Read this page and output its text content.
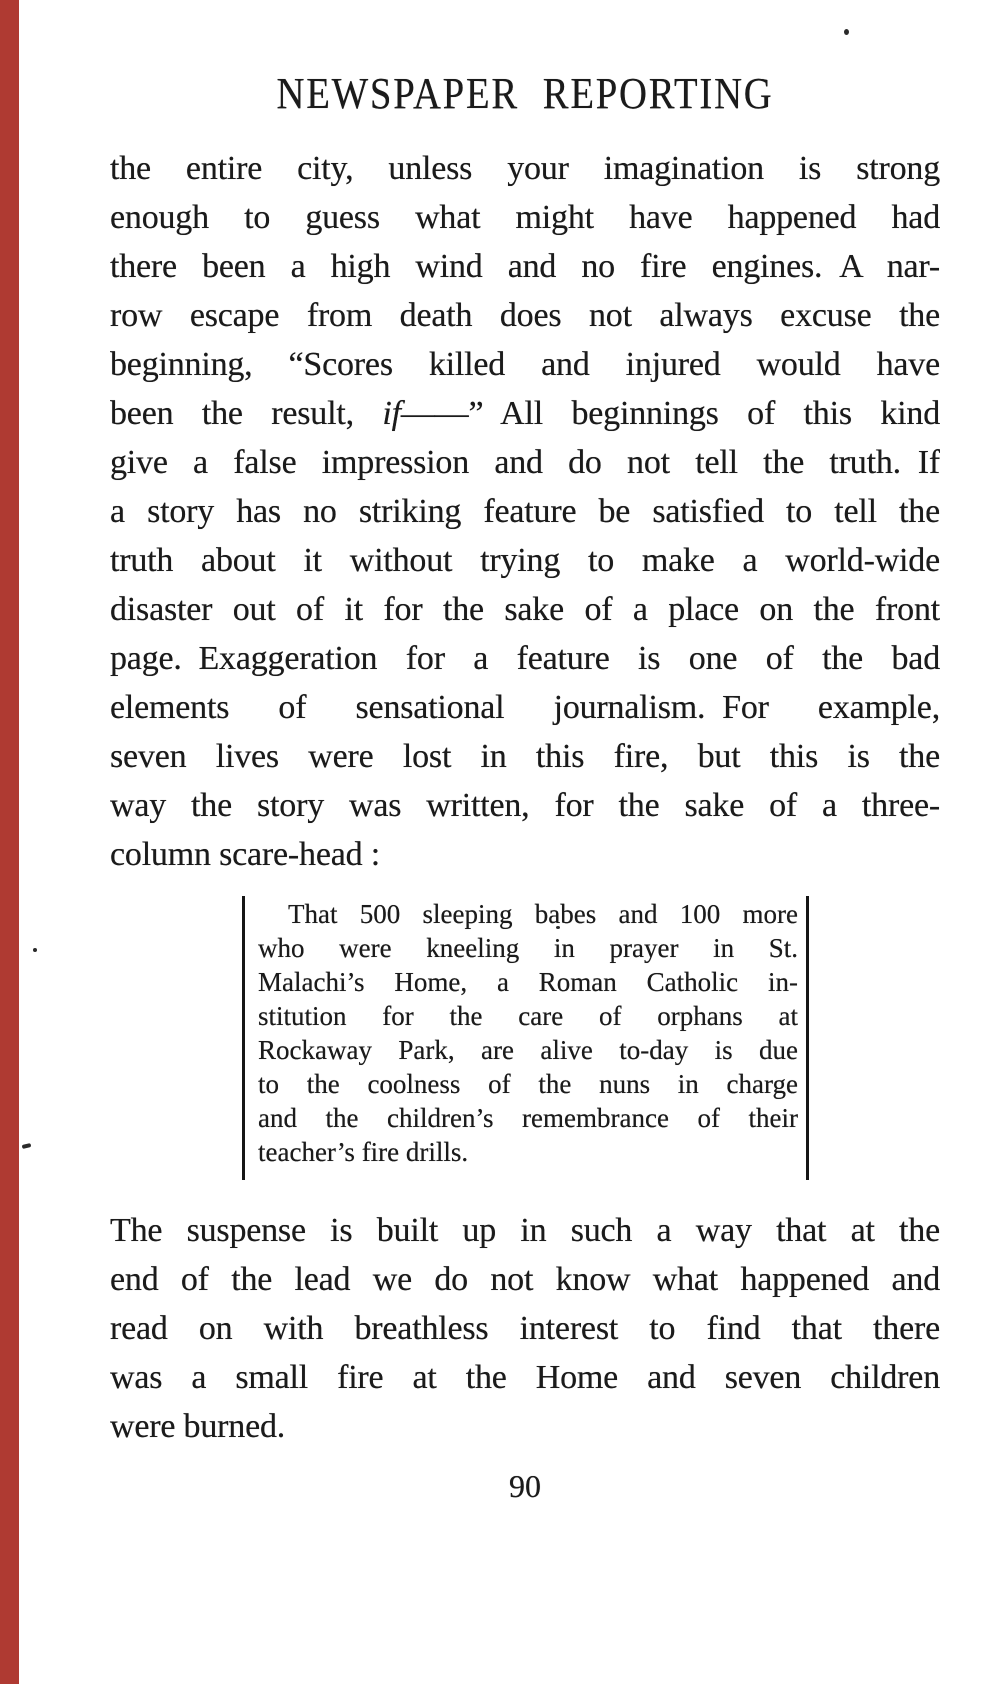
NEWSPAPER REPORTING
the entire city, unless your imagination is strong
enough to guess what might have happened had
there been a high wind and no fire engines. A nar-
row escape from death does not always excuse the
beginning, “Scores killed and injured would have
been the result, if——” All beginnings of this kind
give a false impression and do not tell the truth. If
a story has no striking feature be satisfied to tell the
truth about it without trying to make a world-wide
disaster out of it for the sake of a place on the front
page. Exaggeration for a feature is one of the bad
elements of sensational journalism. For example,
seven lives were lost in this fire, but this is the
way the story was written, for the sake of a three-
column scare-head :
That 500 sleeping babes and 100 more
who were kneeling in prayer in St.
Malachi’s Home, a Roman Catholic in-
stitution for the care of orphans at
Rockaway Park, are alive to-day is due
to the coolness of the nuns in charge
and the children’s remembrance of their
teacher’s fire drills.
The suspense is built up in such a way that at the
end of the lead we do not know what happened and
read on with breathless interest to find that there
was a small fire at the Home and seven children
were burned.
90
